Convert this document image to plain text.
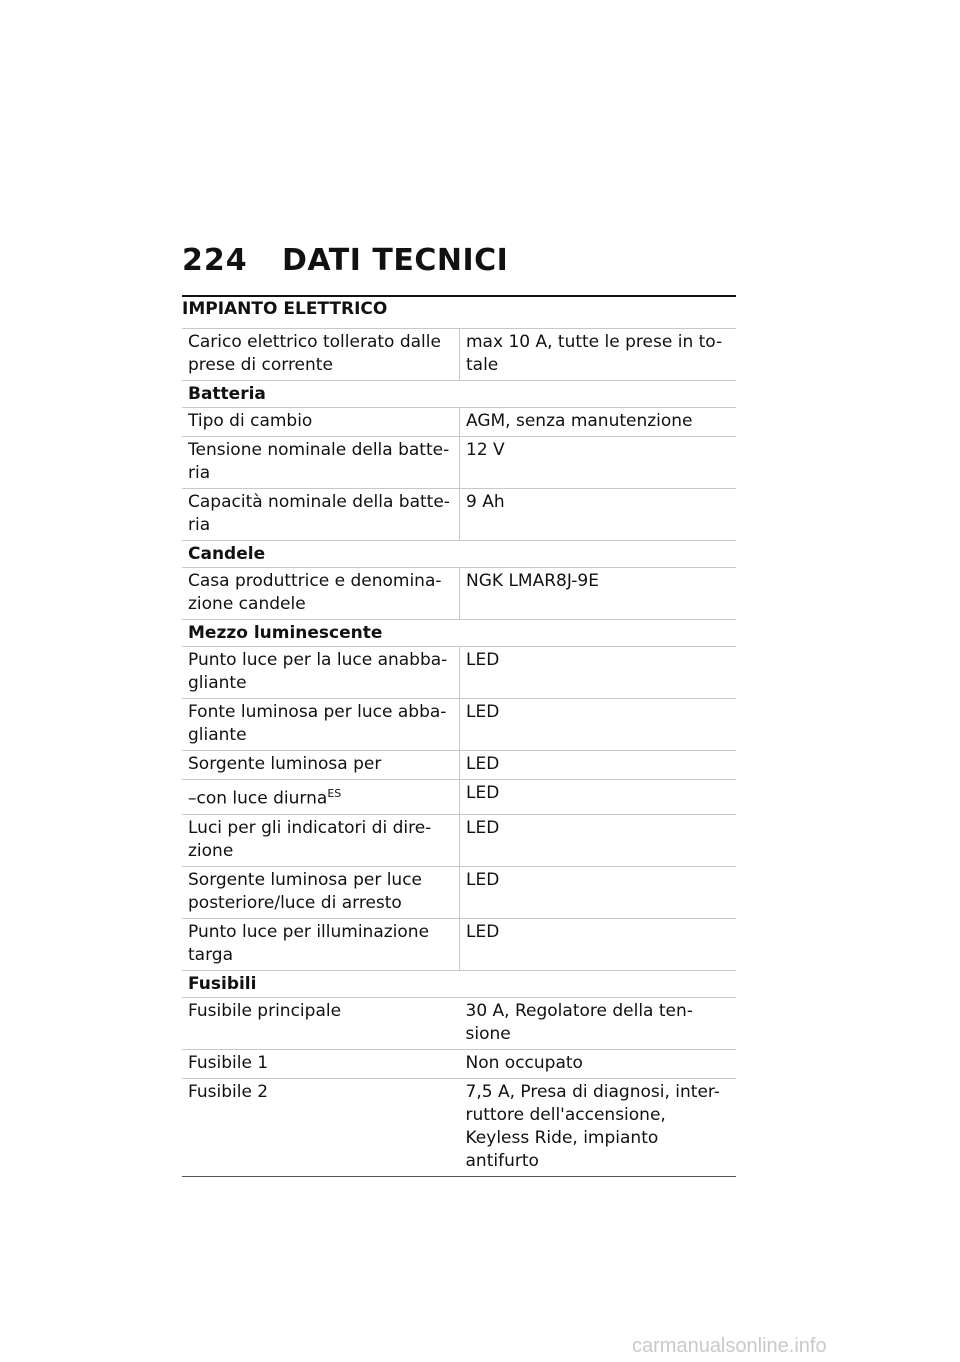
224	DATI TECNICI
IMPIANTO ELETTRICO
Carico elettrico tollerato dalle prese di corrente	max 10 A, tutte le prese in to- tale
Batteria	
Tipo di cambio	AGM, senza manutenzione
Tensione nominale della batte- ria	12 V
Capacità nominale della batte- ria	9 Ah
Candele	
Casa produttrice e denomina- zione candele	NGK LMAR8J-9E
Mezzo luminescente	
Punto luce per la luce anabba- gliante	LED
Fonte luminosa per luce abba- gliante	LED
Sorgente luminosa per	LED
–con luce diurna$^{ES}$	LED
Luci per gli indicatori di dire- zione	LED
Sorgente luminosa per luce posteriore/luce di arresto	LED
Punto luce per illuminazione targa	LED
Fusibili	
Fusibile principale	30 A, Regolatore della ten- sione
Fusibile 1	Non occupato
Fusibile 2	7,5 A, Presa di diagnosi, inter- ruttore dell'accensione, Keyless Ride, impianto antifurto
carmanualsonline.info
